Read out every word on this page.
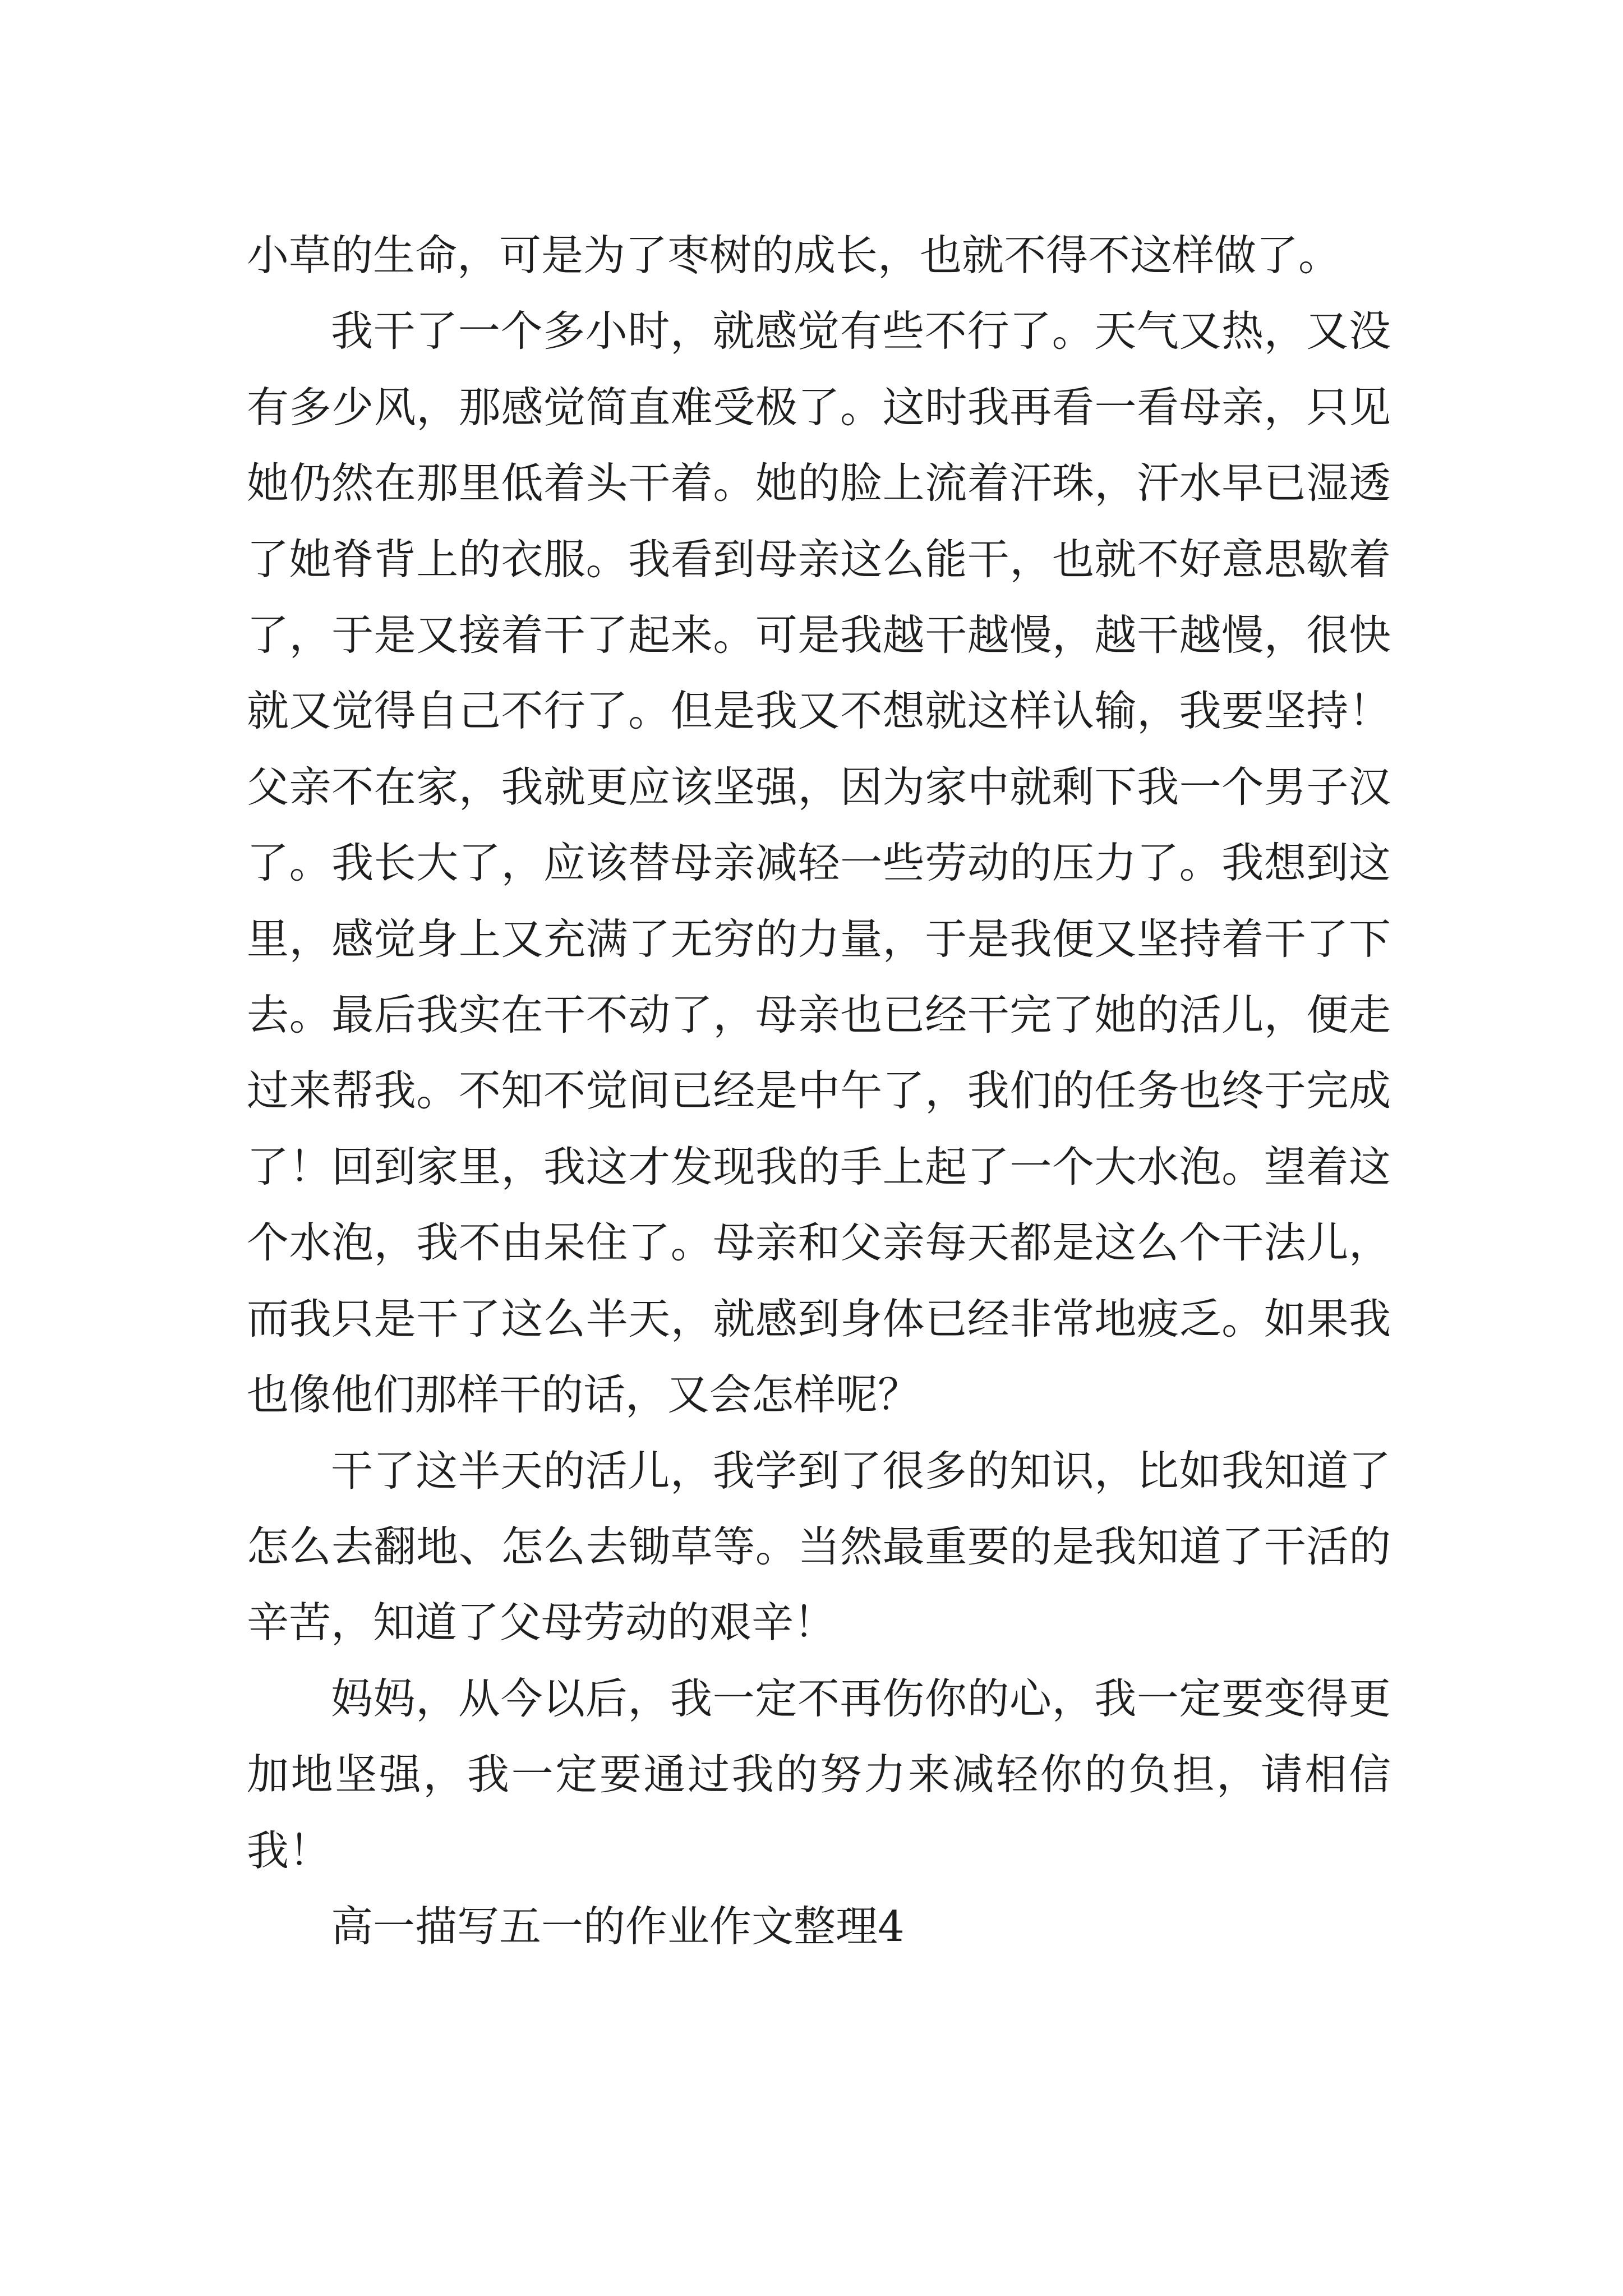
小草的生命，可是为了枣树的成长，也就不得不这样做了。

我干了一个多小时，就感觉有些不行了。天气又热，又没有多少风，那感觉简直难受极了。这时我再看一看母亲，只见她仍然在那里低着头干着。她的脸上流着汗珠，汗水早已湿透了她脊背上的衣服。我看到母亲这么能干，也就不好意思歇着了，于是又接着干了起来。可是我越干越慢，越干越慢，很快就又觉得自己不行了。但是我又不想就这样认输，我要坚持！父亲不在家，我就更应该坚强，因为家中就剩下我一个男子汉了。我长大了，应该替母亲减轻一些劳动的压力了。我想到这里，感觉身上又充满了无穷的力量，于是我便又坚持着干了下去。最后我实在干不动了，母亲也已经干完了她的活儿，便走过来帮我。不知不觉间已经是中午了，我们的任务也终于完成了！回到家里，我这才发现我的手上起了一个大水泡。望着这个水泡，我不由呆住了。母亲和父亲每天都是这么个干法儿，而我只是干了这么半天，就感到身体已经非常地疲乏。如果我也像他们那样干的话，又会怎样呢？

干了这半天的活儿，我学到了很多的知识，比如我知道了怎么去翻地、怎么去锄草等。当然最重要的是我知道了干活的辛苦，知道了父母劳动的艰辛！

妈妈，从今以后，我一定不再伤你的心，我一定要变得更加地坚强，我一定要通过我的努力来减轻你的负担，请相信我！

高一描写五一的作业作文整理4
